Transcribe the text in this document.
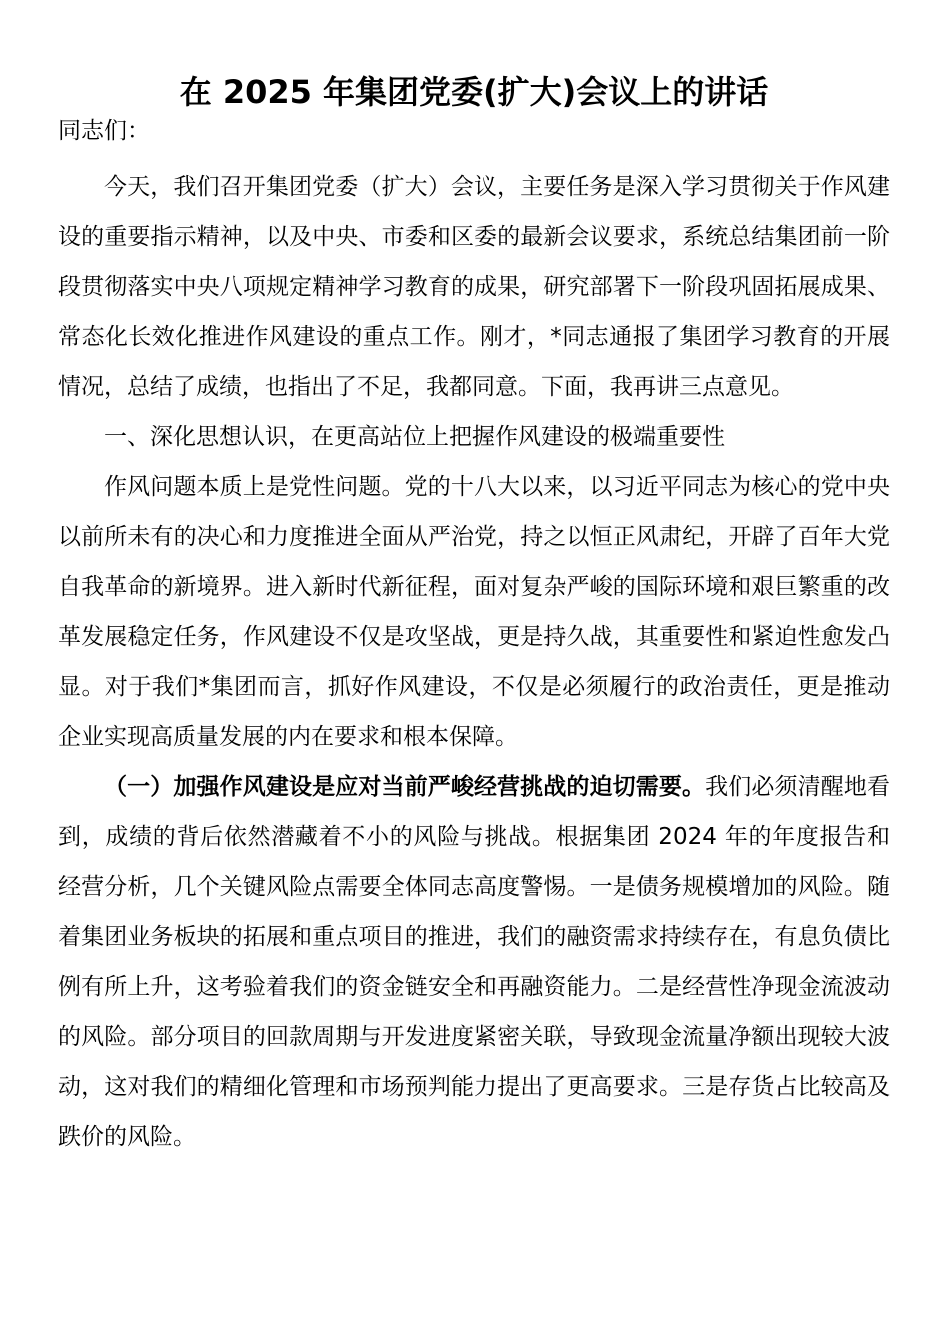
在 2025 年集团党委(扩大)会议上的讲话

同志们：

今天，我们召开集团党委（扩大）会议，主要任务是深入学习贯彻关于作风建设的重要指示精神，以及中央、市委和区委的最新会议要求，系统总结集团前一阶段贯彻落实中央八项规定精神学习教育的成果，研究部署下一阶段巩固拓展成果、常态化长效化推进作风建设的重点工作。刚才，*同志通报了集团学习教育的开展情况，总结了成绩，也指出了不足，我都同意。下面，我再讲三点意见。

一、深化思想认识，在更高站位上把握作风建设的极端重要性

作风问题本质上是党性问题。党的十八大以来，以习近平同志为核心的党中央以前所未有的决心和力度推进全面从严治党，持之以恒正风肃纪，开辟了百年大党自我革命的新境界。进入新时代新征程，面对复杂严峻的国际环境和艰巨繁重的改革发展稳定任务，作风建设不仅是攻坚战，更是持久战，其重要性和紧迫性愈发凸显。对于我们*集团而言，抓好作风建设，不仅是必须履行的政治责任，更是推动企业实现高质量发展的内在要求和根本保障。

（一）加强作风建设是应对当前严峻经营挑战的迫切需要。我们必须清醒地看到，成绩的背后依然潜藏着不小的风险与挑战。根据集团 2024 年的年度报告和经营分析，几个关键风险点需要全体同志高度警惕。一是债务规模增加的风险。随着集团业务板块的拓展和重点项目的推进，我们的融资需求持续存在，有息负债比例有所上升，这考验着我们的资金链安全和再融资能力。二是经营性净现金流波动的风险。部分项目的回款周期与开发进度紧密关联，导致现金流量净额出现较大波动，这对我们的精细化管理和市场预判能力提出了更高要求。三是存货占比较高及跌价的风险。
